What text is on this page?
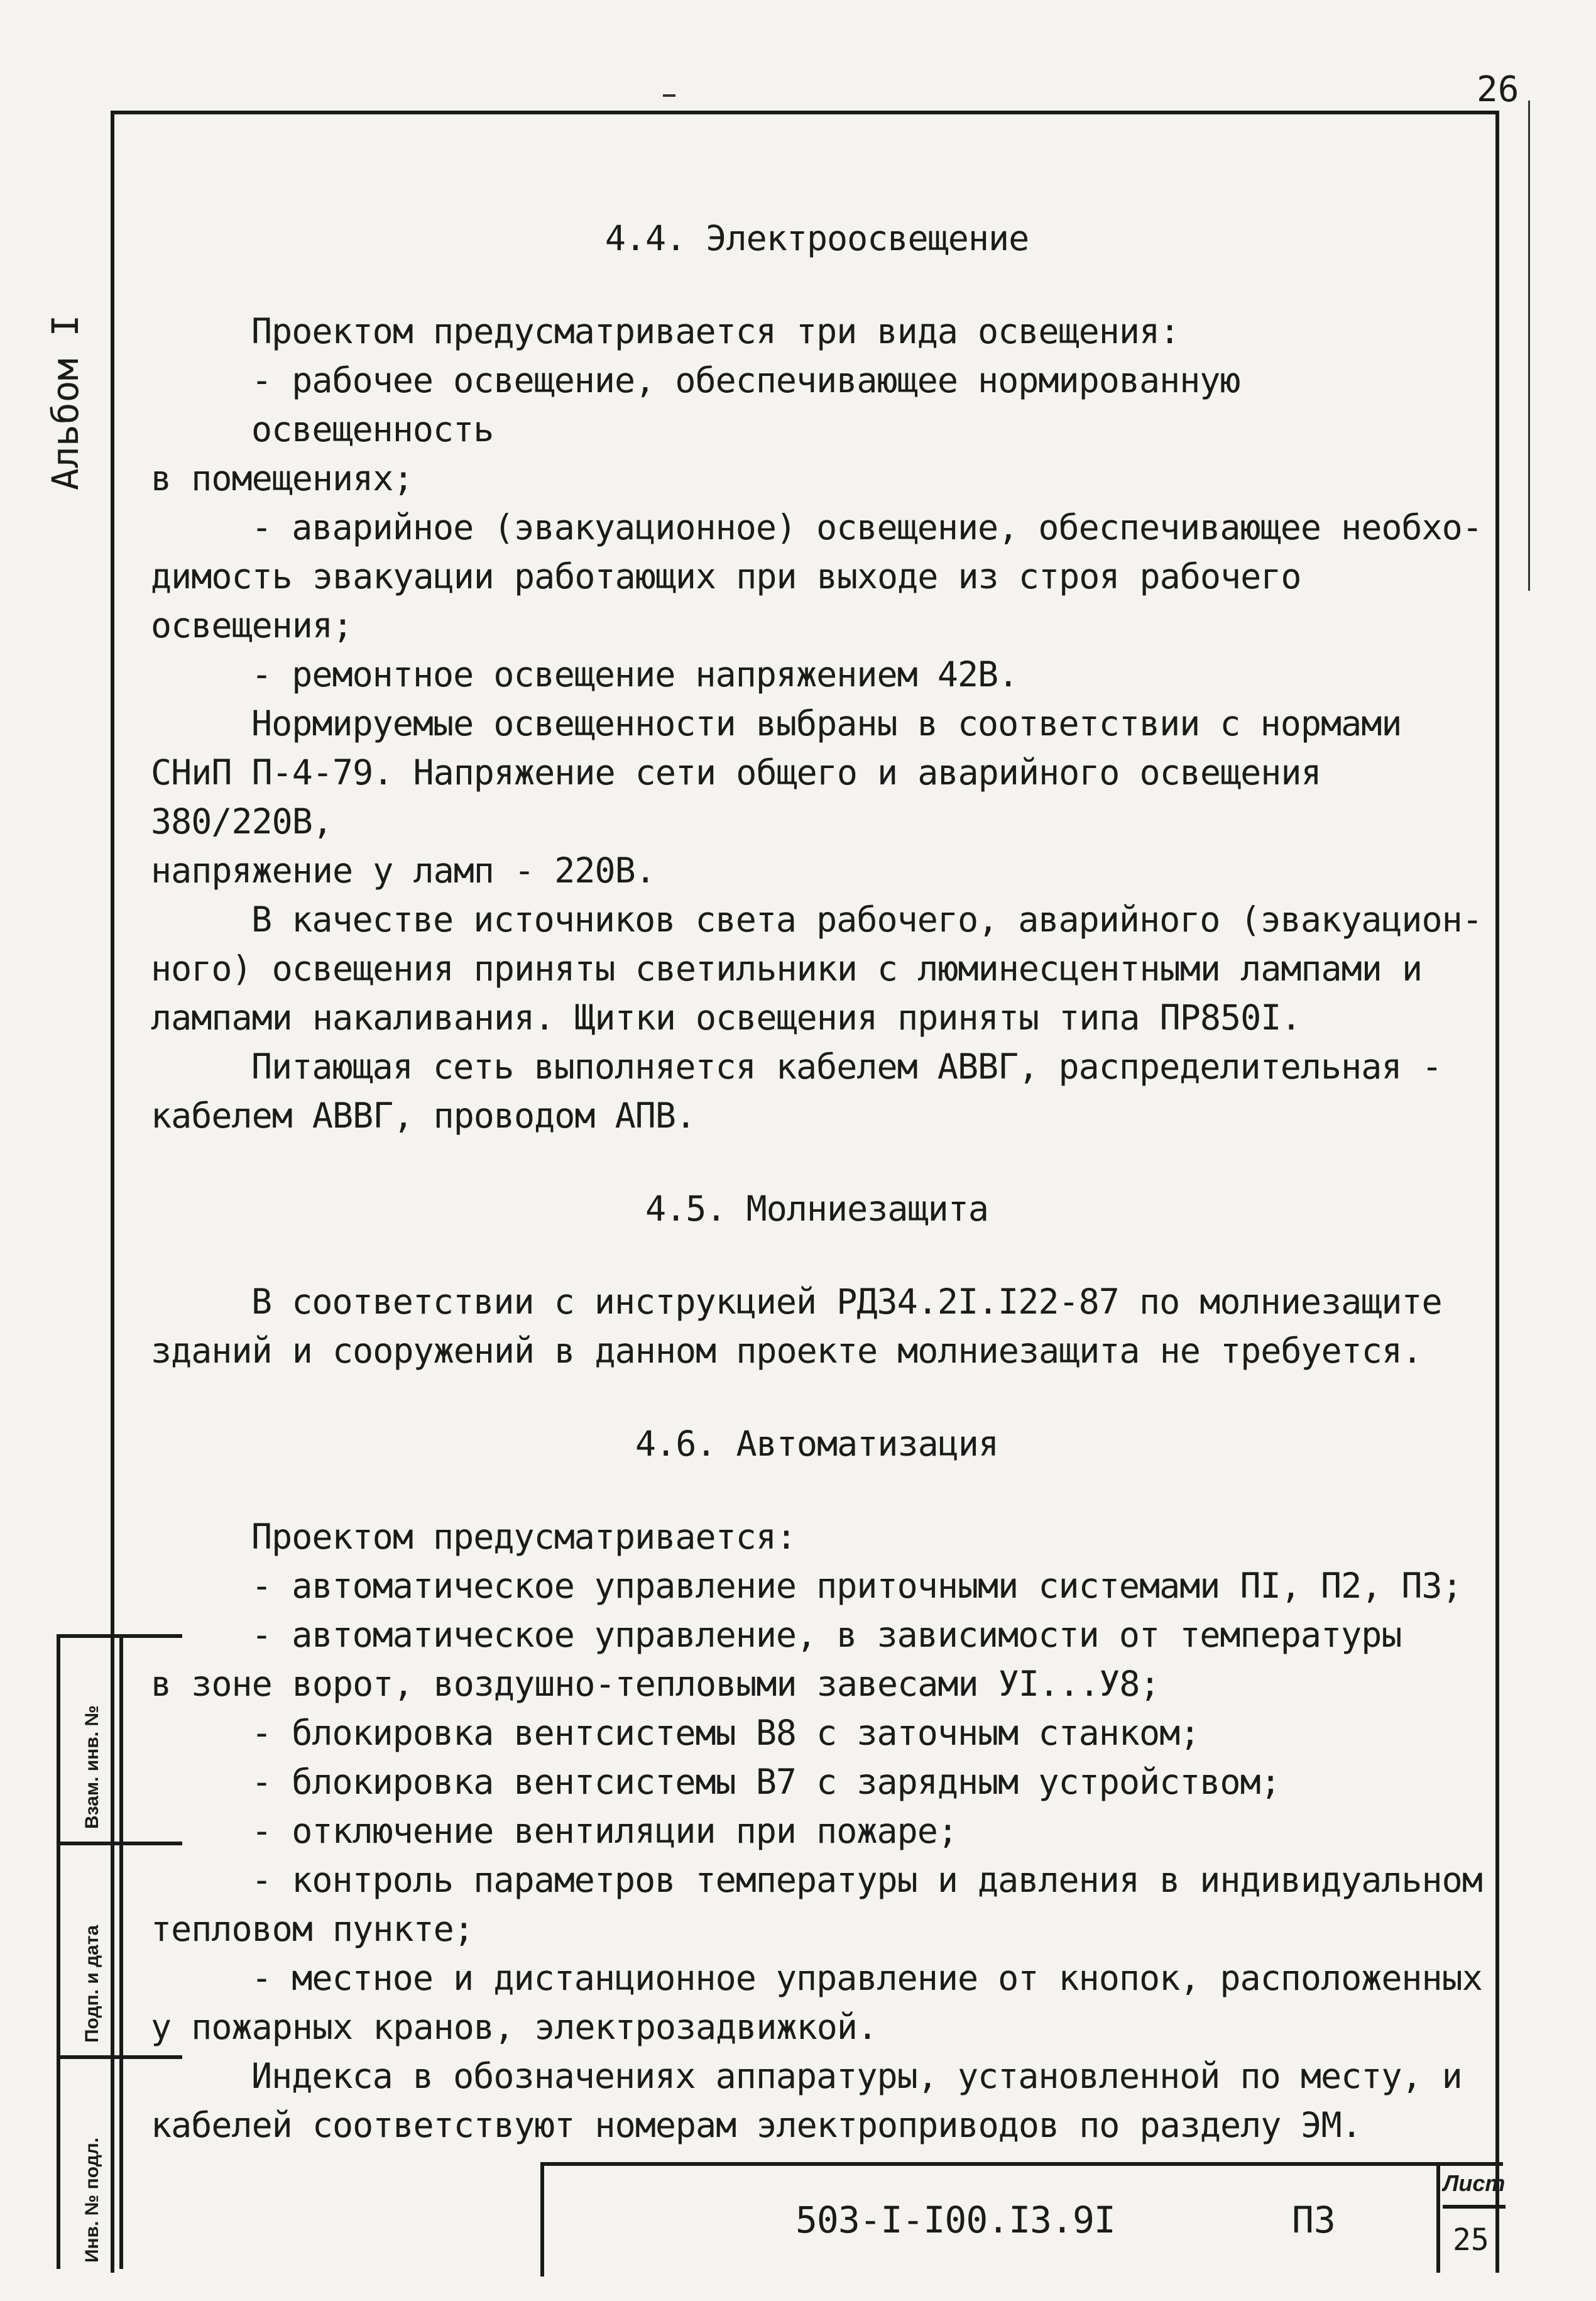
26
Альбом I

4.4. Электроосвещение

Проектом предусматривается три вида освещения:

- рабочее освещение, обеспечивающее нормированную освещенность

в помещениях;

- аварийное (эвакуационное) освещение, обеспечивающее необхо-

димость эвакуации работающих при выходе из строя рабочего освещения;

- ремонтное освещение напряжением 42В.

Нормируемые освещенности выбраны в соответствии с нормами

СНиП П-4-79. Напряжение сети общего и аварийного освещения 380/220В,

напряжение у ламп - 220В.

В качестве источников света рабочего, аварийного (эвакуацион-

ного) освещения приняты светильники с люминесцентными лампами и

лампами накаливания. Щитки освещения приняты типа ПР850I.

Питающая сеть выполняется кабелем АВВГ, распределительная -

кабелем АВВГ, проводом АПВ.

4.5. Молниезащита

В соответствии с инструкцией РД34.2I.I22-87 по молниезащите

зданий и сооружений в данном проекте молниезащита не требуется.

4.6. Автоматизация

Проектом предусматривается:

- автоматическое управление приточными системами ПI, П2, П3;

- автоматическое управление, в зависимости от температуры

в зоне ворот, воздушно-тепловыми завесами УI...У8;

- блокировка вентсистемы В8 с заточным станком;

- блокировка вентсистемы В7 с зарядным устройством;

- отключение вентиляции при пожаре;

- контроль параметров температуры и давления в индивидуальном

тепловом пункте;

- местное и дистанционное управление от кнопок, расположенных

у пожарных кранов, электрозадвижкой.

Индекса в обозначениях аппаратуры, установленной по месту, и

кабелей соответствуют номерам электроприводов по разделу ЭМ.

Взам. инв. №
Подп. и дата
Инв. № подл.	503-I-I00.I3.9I	ПЗ
Лист
25
